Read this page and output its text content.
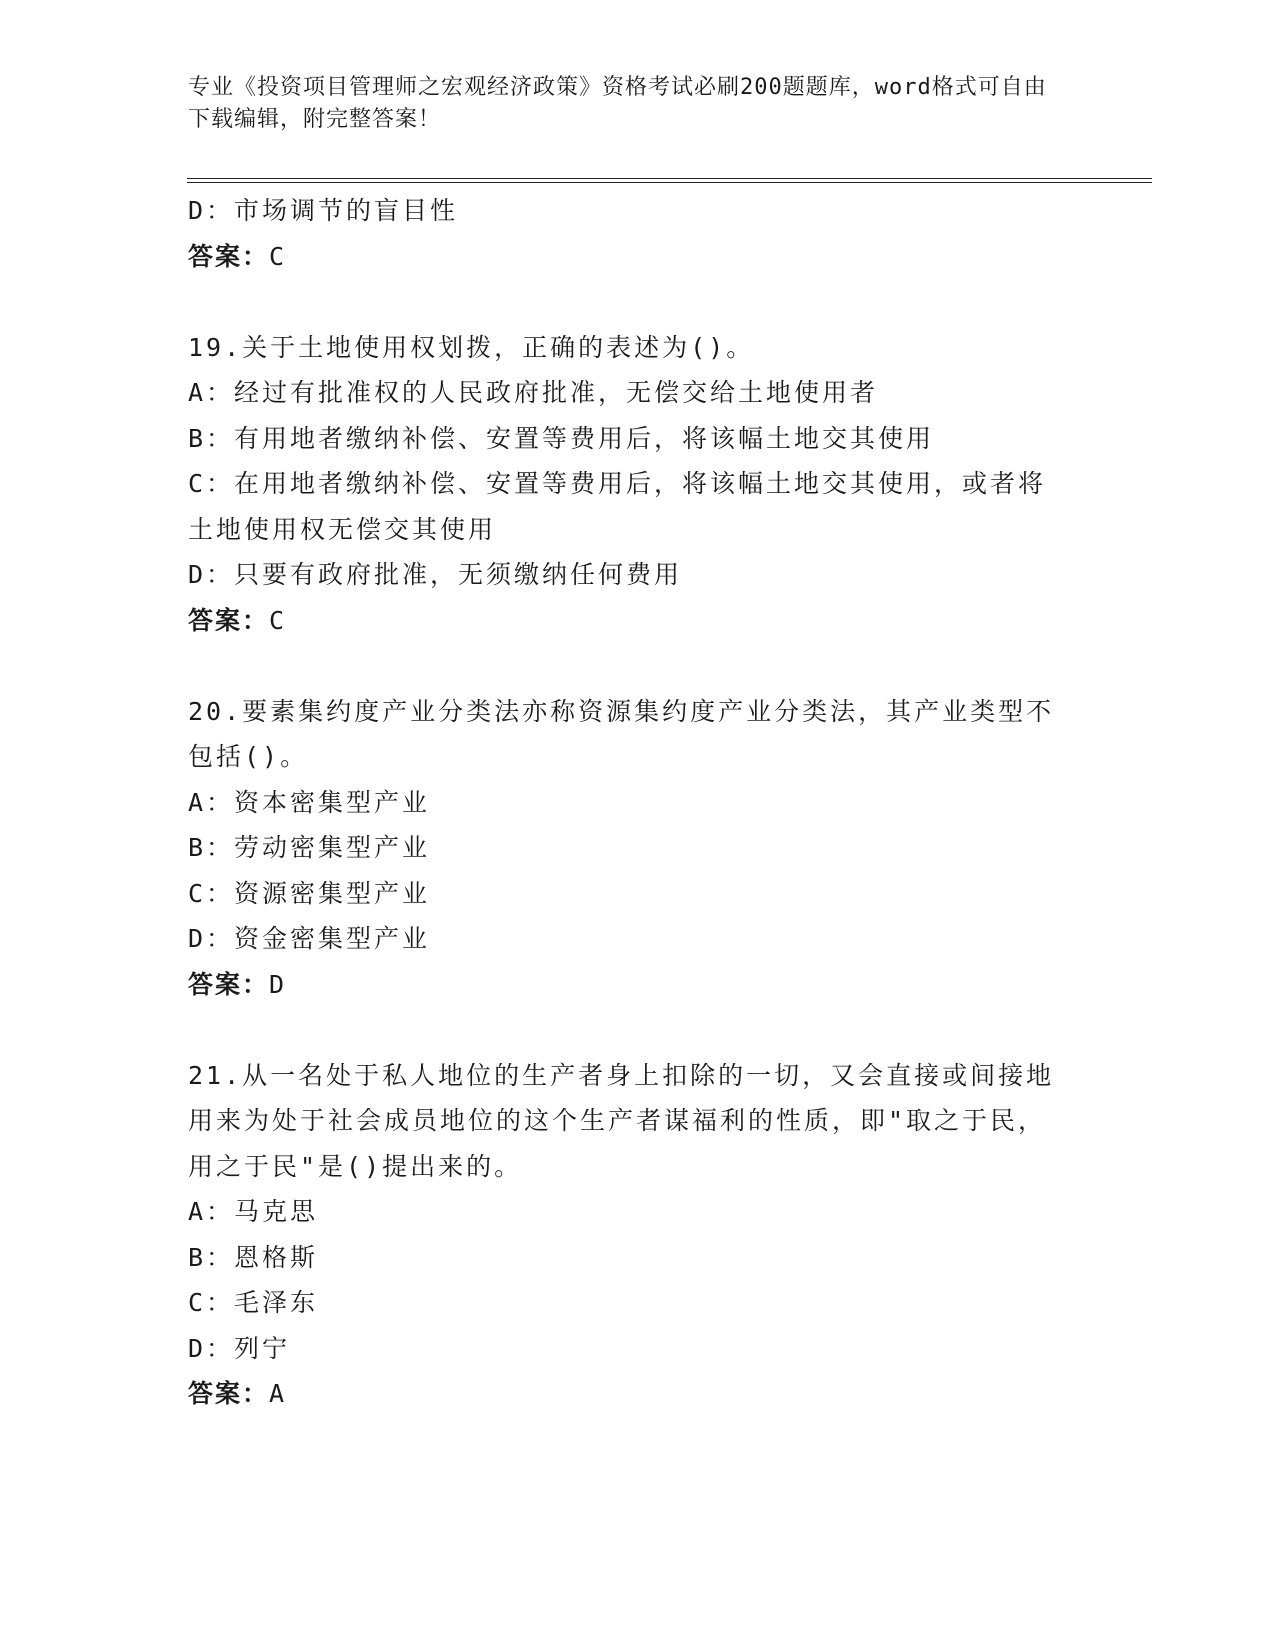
专业《投资项目管理师之宏观经济政策》资格考试必刷200题题库，word格式可自由下载编辑，附完整答案！
D：市场调节的盲目性
答案：C
19.关于土地使用权划拨，正确的表述为()。
A：经过有批准权的人民政府批准，无偿交给土地使用者
B：有用地者缴纳补偿、安置等费用后，将该幅土地交其使用
C：在用地者缴纳补偿、安置等费用后，将该幅土地交其使用，或者将土地使用权无偿交其使用
D：只要有政府批准，无须缴纳任何费用
答案：C
20.要素集约度产业分类法亦称资源集约度产业分类法，其产业类型不包括()。
A：资本密集型产业
B：劳动密集型产业
C：资源密集型产业
D：资金密集型产业
答案：D
21.从一名处于私人地位的生产者身上扣除的一切，又会直接或间接地用来为处于社会成员地位的这个生产者谋福利的性质，即"取之于民，用之于民"是()提出来的。
A：马克思
B：恩格斯
C：毛泽东
D：列宁
答案：A
